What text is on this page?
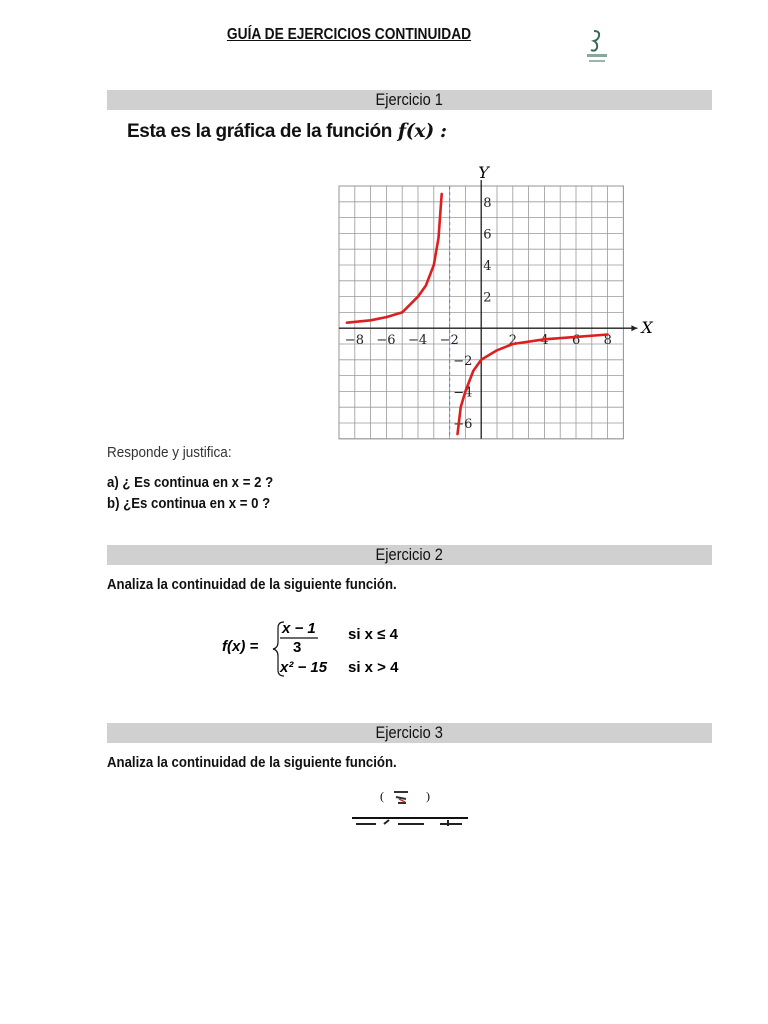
GUÍA DE EJERCICIOS CONTINUIDAD
Ejercicio 1
Esta es la gráfica de la función f(x) :
X
Y
−8 −6 −4 −2	2 4 6 8
8
6
4
2
−2
−4
−6
Responde y justifica:
a) ¿ Es continua en x = 2 ?
b) ¿Es continua en x = 0 ?
Ejercicio 2
Analiza la continuidad de la siguiente función.
f(x) =
x − 1
3
si x ≤ 4
x² − 15 si x > 4
Ejercicio 3
Analiza la continuidad de la siguiente función.
(	)
